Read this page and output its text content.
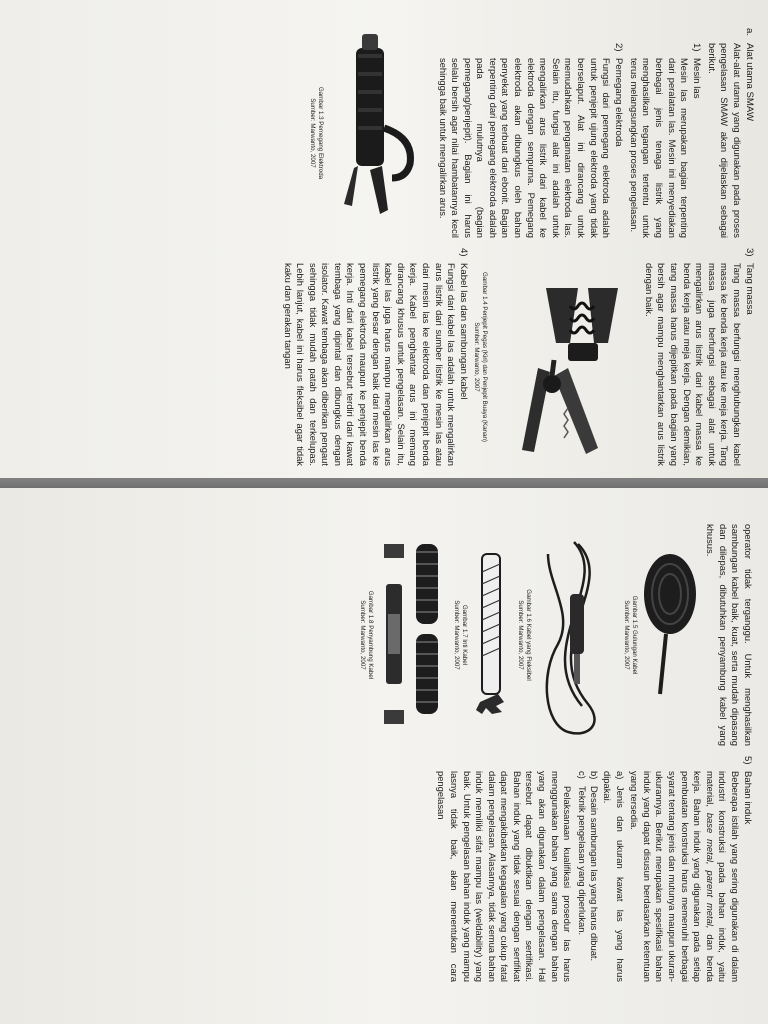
a.Alat utama SMAW

Alat-alat utama yang digunakan pada proses pengelasan SMAW akan dijelaskan sebagai berikut.

1)Mesin las

Mesin las merupakan bagian terpenting dari peralatan las. Mesin ini menyediakan berbagai jenis tenaga listrik yang menghasilkan tegangan tertentu untuk terus melangsungkan proses pengelasan.

2)Pemegang elektroda

Fungsi dari pemegang elektroda adalah untuk penjepit ujung elektroda yang tidak berselaput. Alat ini dirancang untuk memudahkan pengamatan elektroda las. Selain itu, fungsi alat ini adalah untuk mengalirkan arus listrik dari kabel ke elektroda dengan sempurna. Pemegang elektroda akan dibungkus oleh bahan penyekat yang terbuat dari ebonit. Bagian terpenting dari pemegang elektroda adalah pada mulutnya (bagian pemegang/penjepit). Bagian ini harus selalu bersih agar nilai hambatannya kecil sehingga baik untuk mengalirkan arus.

Gambar 1.3 Pemegang Elektroda

Sumber: Marwanto, 2007

3)Tang massa

Tang massa berfungsi menghubungkan kabel massa ke benda kerja atau ke meja kerja. Tang massa juga berfungsi sebagai alat untuk mengalirkan arus listrik dari kabel massa ke benda kerja atau meja kerja. Dengan demikian, tang massa harus dijepitkan pada bagian yang bersih agar mampu menghantarkan arus listrik dengan baik.

Gambar 1.4 Penjepit Pegas (Kiri) dan Penjepit Buaya (Kanan)

Sumber: Marwanto, 2007

4)Kabel las dan sambungan kabel

Fungsi dari kabel las adalah untuk mengalirkan arus listrik dari sumber listrik ke mesin las atau dari mesin las ke elektroda dan penjepit benda kerja. Kabel penghantar arus ini memang dirancang khusus untuk pengelasan. Selain itu, kabel las juga harus mampu mengalirkan arus listrik yang besar dengan baik dari mesin las ke pemegang elektroda maupun ke penjepit benda kerja. Inti dari kabel tersebut terdiri dari kawat tembaga yang dipintal dan dibungkus dengan isolator. Kawat tembaga akan diberikan pengaut sehingga tidak mudah patah dan terkelupas. Lebih lanjut, kabel ini harus fleksibel agar tidak kaku dan gerakan tangan

operator tidak terganggu. Untuk menghasilkan sambungan kabel baik, kuat, serta mudah dipasang dan dilepas, dibutuhkan penyambung kabel yang khusus.

Gambar 1.5 Gulungan Kabel

Sumber: Marwanto, 2007

Gambar 1.6 Kabel yang Fleksibel

Sumber: Marwanto, 2007

Gambar 1.7 Inti Kabel

Sumber: Marwanto, 2007

Gambar 1.8 Penyambung Kabel

Sumber: Marwanto, 2007

5)Bahan induk

Beberapa istilah yang sering digunakan di dalam industri konstruksi pada bahan induk, yaitu material, base metal, parent metal, dan benda kerja. Bahan induk yang digunakan pada setiap pembuatan konstruksi harus memenuhi berbagai syarat tentang jenis dan mutunya maupun ukuran-ukurannya. Berikut merupakan spesifikasi bahan induk yang dapat disusun berdasarkan ketentuan yang tersedia.

a)Jenis dan ukuran kawat las yang harus dipakai.

b)Desain sambungan las yang harus dibuat.

c)Teknik pengelasan yang diperlukan.

Pelaksanaan kualifikasi prosedur las harus menggunakan bahan yang sama dengan bahan yang akan digunakan dalam pengelasan. Hal tersebut dapat dibuktikan dengan sertifikasi. Bahan induk yang tidak sesuai dengan sertifikat dapat mengakibatkan kegagalan yang cukup fatal dalam pengelasan. Alasannya, tidak semua bahan induk memiliki sifat mampu las (weldability) yang baik. Untuk pengelasan bahan induk yang mampu lasnya tidak baik, akan menentukan cara pengelasan
